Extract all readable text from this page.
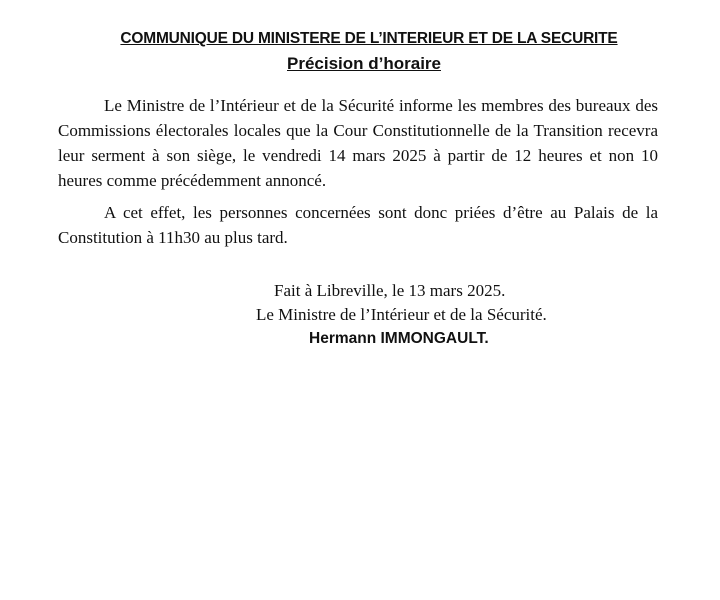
COMMUNIQUE DU MINISTERE DE L’INTERIEUR ET DE LA SECURITE
Précision d’horaire

Le Ministre de l’Intérieur et de la Sécurité informe les membres des bureaux des Commissions électorales locales que la Cour Constitutionnelle de la Transition recevra leur serment à son siège, le vendredi 14 mars 2025 à partir de 12 heures et non 10 heures comme précédemment annoncé.

A cet effet, les personnes concernées sont donc priées d’être au Palais de la Constitution à 11h30 au plus tard.

Fait à Libreville, le 13 mars 2025.
Le Ministre de l’Intérieur et de la Sécurité.
Hermann IMMONGAULT.
